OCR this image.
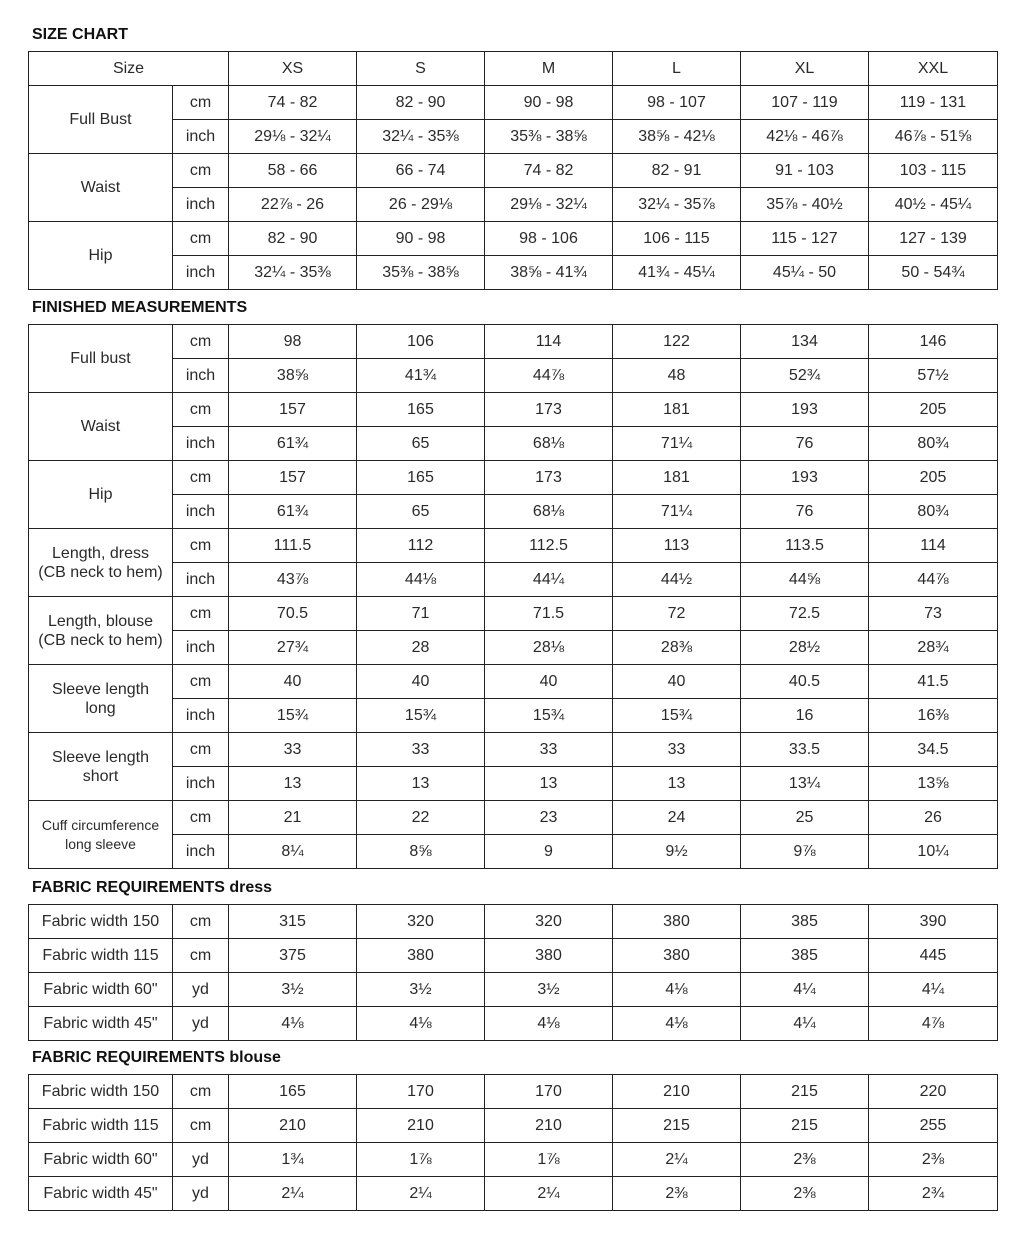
SIZE CHART
Size		XS	S	M	L	XL	XXL
Full Bust	cm	74 - 82	82 - 90	90 - 98	98 - 107	107 - 119	119 - 131
	inch	29⅛ - 32¼	32¼ - 35⅜	35⅜ - 38⅝	38⅝ - 42⅛	42⅛ - 46⅞	46⅞ - 51⅝
Waist	cm	58 - 66	66 - 74	74 - 82	82 - 91	91 - 103	103 - 115
	inch	22⅞ - 26	26 - 29⅛	29⅛ - 32¼	32¼ - 35⅞	35⅞ - 40½	40½ - 45¼
Hip	cm	82 - 90	90 - 98	98 - 106	106 - 115	115 - 127	127 - 139
	inch	32¼ - 35⅜	35⅜ - 38⅝	38⅝ - 41¾	41¾ - 45¼	45¼ - 50	50 - 54¾
FINISHED MEASUREMENTS
Full bust	cm	98	106	114	122	134	146
	inch	38⅝	41¾	44⅞	48	52¾	57½

Waist	cm	157	165	173	181	193	205
	inch	61¾	65	68⅛	71¼	76	80¾

Hip	cm	157	165	173	181	193	205
	inch	61¾	65	68⅛	71¼	76	80¾

Length, dress
(CB neck to hem)	cm	111.5	112	112.5	113	113.5	114
	inch	43⅞	44⅛	44¼	44½	44⅝	44⅞

Length, blouse
(CB neck to hem)	cm	70.5	71	71.5	72	72.5	73
	inch	27¾	28	28⅛	28⅜	28½	28¾

Sleeve length
long	cm	40	40	40	40	40.5	41.5
	inch	15¾	15¾	15¾	15¾	16	16⅜

Sleeve length
short	cm	33	33	33	33	33.5	34.5
	inch	13	13	13	13	13¼	13⅝

Cuff circumference
long sleeve	cm	21	22	23	24	25	26
	inch	8¼	8⅝	9	9½	9⅞	10¼
FABRIC REQUIREMENTS dress
Fabric width 150	cm	315	320	320	380	385	390
Fabric width 115	cm	375	380	380	380	385	445
Fabric width 60"	yd	3½	3½	3½	4⅛	4¼	4¼
Fabric width 45"	yd	4⅛	4⅛	4⅛	4⅛	4¼	4⅞
FABRIC REQUIREMENTS blouse
Fabric width 150	cm	165	170	170	210	215	220
Fabric width 115	cm	210	210	210	215	215	255
Fabric width 60"	yd	1¾	1⅞	1⅞	2¼	2⅜	2⅜
Fabric width 45"	yd	2¼	2¼	2¼	2⅜	2⅜	2¾
